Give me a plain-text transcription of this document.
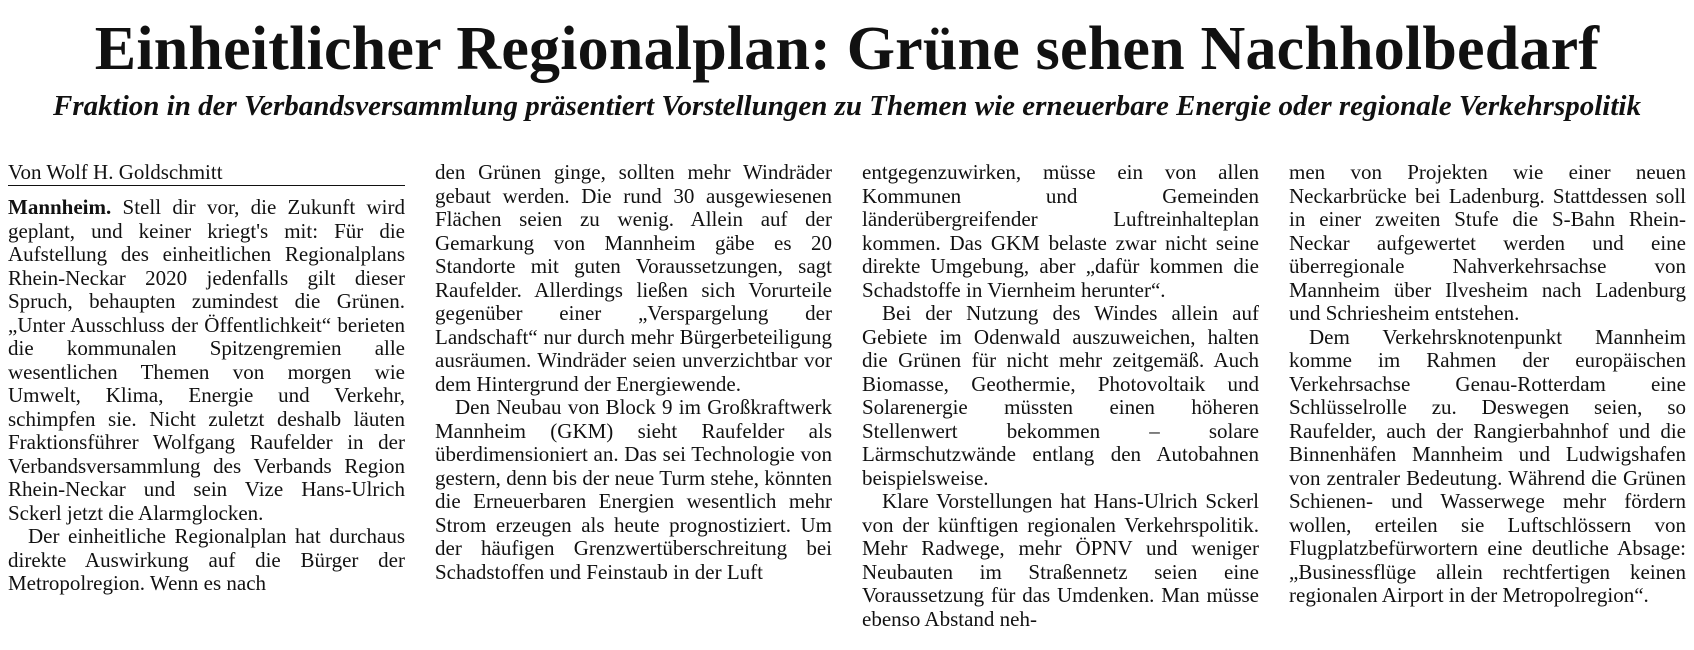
Einheitlicher Regionalplan: Grüne sehen Nachholbedarf
Fraktion in der Verbandsversammlung präsentiert Vorstellungen zu Themen wie erneuerbare Energie oder regionale Verkehrspolitik
Von Wolf H. Goldschmitt

Mannheim. Stell dir vor, die Zukunft wird geplant, und keiner kriegt's mit: Für die Aufstellung des einheitlichen Regionalplans Rhein-Neckar 2020 jedenfalls gilt dieser Spruch, behaupten zumindest die Grünen. „Unter Ausschluss der Öffentlichkeit“ berieten die kommunalen Spitzengremien alle wesentlichen Themen von morgen wie Umwelt, Klima, Energie und Verkehr, schimpfen sie. Nicht zuletzt deshalb läuten Fraktionsführer Wolfgang Raufelder in der Verbandsversammlung des Verbands Region Rhein-Neckar und sein Vize Hans-Ulrich Sckerl jetzt die Alarmglocken.

Der einheitliche Regionalplan hat durchaus direkte Auswirkung auf die Bürger der Metropolregion. Wenn es nach

den Grünen ginge, sollten mehr Windräder gebaut werden. Die rund 30 ausgewiesenen Flächen seien zu wenig. Allein auf der Gemarkung von Mannheim gäbe es 20 Standorte mit guten Voraussetzungen, sagt Raufelder. Allerdings ließen sich Vorurteile gegenüber einer „Verspargelung der Landschaft“ nur durch mehr Bürgerbeteiligung ausräumen. Windräder seien unverzichtbar vor dem Hintergrund der Energiewende.

Den Neubau von Block 9 im Großkraftwerk Mannheim (GKM) sieht Raufelder als überdimensioniert an. Das sei Technologie von gestern, denn bis der neue Turm stehe, könnten die Erneuerbaren Energien wesentlich mehr Strom erzeugen als heute prognostiziert. Um der häufigen Grenzwertüberschreitung bei Schadstoffen und Feinstaub in der Luft

entgegenzuwirken, müsse ein von allen Kommunen und Gemeinden länderübergreifender Luftreinhalteplan kommen. Das GKM belaste zwar nicht seine direkte Umgebung, aber „dafür kommen die Schadstoffe in Viernheim herunter“.

Bei der Nutzung des Windes allein auf Gebiete im Odenwald auszuweichen, halten die Grünen für nicht mehr zeitgemäß. Auch Biomasse, Geothermie, Photovoltaik und Solarenergie müssten einen höheren Stellenwert bekommen – solare Lärmschutzwände entlang den Autobahnen beispielsweise.

Klare Vorstellungen hat Hans-Ulrich Sckerl von der künftigen regionalen Verkehrspolitik. Mehr Radwege, mehr ÖPNV und weniger Neubauten im Straßennetz seien eine Voraussetzung für das Umdenken. Man müsse ebenso Abstand neh-

men von Projekten wie einer neuen Neckarbrücke bei Ladenburg. Stattdessen soll in einer zweiten Stufe die S-Bahn Rhein-Neckar aufgewertet werden und eine überregionale Nahverkehrsachse von Mannheim über Ilvesheim nach Ladenburg und Schriesheim entstehen.

Dem Verkehrsknotenpunkt Mannheim komme im Rahmen der europäischen Verkehrsachse Genau-Rotterdam eine Schlüsselrolle zu. Deswegen seien, so Raufelder, auch der Rangierbahnhof und die Binnenhäfen Mannheim und Ludwigshafen von zentraler Bedeutung. Während die Grünen Schienen- und Wasserwege mehr fördern wollen, erteilen sie Luftschlössern von Flugplatzbefürwortern eine deutliche Absage: „Businessflüge allein rechtfertigen keinen regionalen Airport in der Metropolregion“.
